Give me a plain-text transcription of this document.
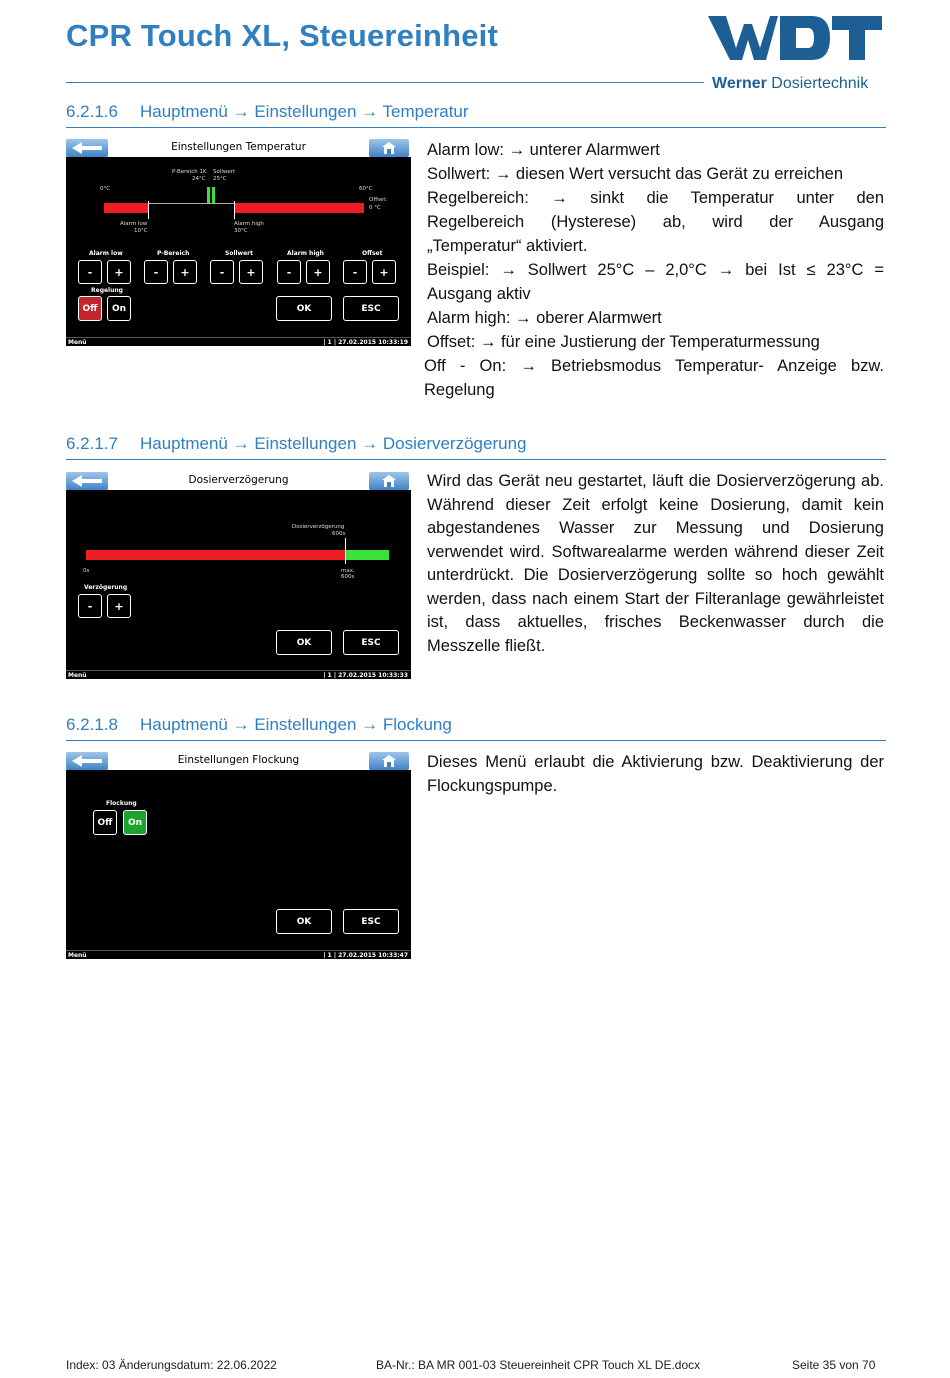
CPR Touch XL, Steuereinheit
Werner Dosiertechnik
6.2.1.6 Hauptmenü → Einstellungen → Temperatur
Einstellungen Temperatur
P-Bereich 1K
24°C
Sollwert
25°C
0°C	60°C
Offset:
0 °C
Alarm low
10°C
Alarm high
30°C
Alarm low	P-Bereich	Sollwert	Alarm high	Offset
-	+	-	+	-	+	-	+	-	+
Regelung
Off	On	OK	ESC
Menü	| 1 | 27.02.2015 10:33:19

Alarm low: → unterer Alarmwert

Sollwert: → diesen Wert versucht das Gerät zu erreichen

Regelbereich: → sinkt die Temperatur unter den

Regelbereich (Hysterese) ab, wird der Ausgang

„Temperatur“ aktiviert.

Beispiel: → Sollwert 25°C – 2,0°C → bei Ist ≤ 23°C =

Ausgang aktiv

Alarm high: → oberer Alarmwert

Offset: → für eine Justierung der Temperaturmessung

Off - On: → Betriebsmodus Temperatur- Anzeige bzw.

Regelung

6.2.1.7 Hauptmenü → Einstellungen → Dosierverzögerung
Dosierverzögerung
Dosierverzögerung
600s
0s	max.
600s
Verzögerung
-	+
OK	ESC
Menü	| 1 | 27.02.2015 10:33:33
Wird das Gerät neu gestartet, läuft die Dosierverzögerung ab. Während dieser Zeit erfolgt keine Dosierung, damit kein abgestandenes Wasser zur Messung und Dosierung verwendet wird. Softwarealarme werden während dieser Zeit unterdrückt. Die Dosierverzögerung sollte so hoch gewählt werden, dass nach einem Start der Filteranlage gewährleistet ist, dass aktuelles, frisches Beckenwasser durch die Messzelle fließt.
6.2.1.8 Hauptmenü → Einstellungen → Flockung
Einstellungen Flockung
Flockung
Off	On
OK	ESC
Menü	| 1 | 27.02.2015 10:33:47
Dieses Menü erlaubt die Aktivierung bzw. Deaktivierung der Flockungspumpe.
Index: 03 Änderungsdatum: 22.06.2022	BA-Nr.: BA MR 001-03 Steuereinheit CPR Touch XL DE.docx	Seite 35 von 70
